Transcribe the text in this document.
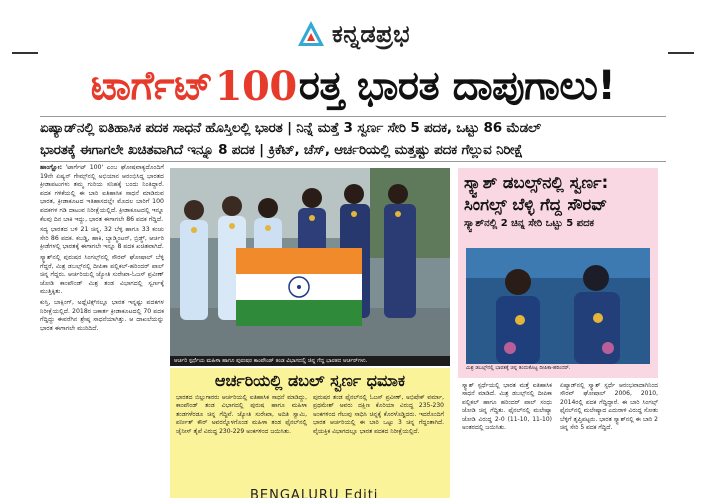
ಕನ್ನಡಪ್ರಭ
ಟಾರ್ಗೆಟ್ 100 ರತ್ತ ಭಾರತ ದಾಪುಗಾಲು!
ಏಷ್ಯಾಡ್‌ನಲ್ಲಿ ಐತಿಹಾಸಿಕ ಪದಕ ಸಾಧನೆ ಹೊಸ್ತಿಲಲ್ಲಿ ಭಾರತ | ನಿನ್ನೆ ಮತ್ತೆ 3 ಸ್ವರ್ಣ ಸೇರಿ 5 ಪದಕ, ಒಟ್ಟು 86 ಮೆಡಲ್
ಭಾರತಕ್ಕೆ ಈಗಾಗಲೇ ಖಚಿತವಾಗಿದೆ ಇನ್ನೂ 8 ಪದಕ | ಕ್ರಿಕೆಟ್, ಚೆಸ್, ಆರ್ಚರಿಯಲ್ಲಿ ಮತ್ತಷ್ಟು ಪದಕ ಗೆಲ್ಲುವ ನಿರೀಕ್ಷೆ

ಹಾಂಗ್ಝೋ: 'ಟಾರ್ಗೆಟ್ 100' ಎಂಬ ಘೋಷವಾಕ್ಯದೊಂದಿಗೆ 19ನೇ ಏಷ್ಯನ್ ಗೇಮ್ಸ್‌ನಲ್ಲಿ ಅಭಿಯಾನ ಆರಂಭಿಸಿದ್ದ ಭಾರತದ ಕ್ರೀಡಾಪಟುಗಳು ತಮ್ಮ ಗುರಿಯ ಸನಿಹಕ್ಕೆ ಬಂದು ನಿಂತಿದ್ದಾರೆ. ಪದಕ ಗಳಿಕೆಯಲ್ಲಿ ಈ ಬಾರಿ ಐತಿಹಾಸಿಕ ಸಾಧನೆ ಮಾಡಿರುವ ಭಾರತ, ಕ್ರೀಡಾಕೂಟದ ಇತಿಹಾಸದಲ್ಲೇ ಮೊದಲ ಬಾರಿಗೆ 100 ಪದಕಗಳ ಗಡಿ ದಾಟುವ ನಿರೀಕ್ಷೆಯಲ್ಲಿದೆ. ಕ್ರೀಡಾಕೂಟದಲ್ಲಿ ಇನ್ನೂ ಕೆಲವು ದಿನ ಬಾಕಿ ಇದ್ದು, ಭಾರತ ಈಗಾಗಲೇ 86 ಪದಕ ಗೆದ್ದಿದೆ.

ಸದ್ಯ ಭಾರತದ ಬಳಿ 21 ಚಿನ್ನ, 32 ಬೆಳ್ಳಿ ಹಾಗೂ 33 ಕಂಚು ಸೇರಿ 86 ಪದಕ. ಕಬಡ್ಡಿ, ಹಾಕಿ, ಬ್ಯಾಡ್ಮಿಂಟನ್, ಬ್ರಿಡ್ಜ್, ಆರ್ಚರಿ ಕ್ರೀಡೆಗಳಲ್ಲಿ ಭಾರತಕ್ಕೆ ಈಗಾಗಲೇ ಇನ್ನೂ 8 ಪದಕ ಖಚಿತವಾಗಿದೆ.

ಸ್ಕ್ವಾಶ್‌ನಲ್ಲಿ ಪುರುಷರ ಸಿಂಗಲ್ಸ್‌ನಲ್ಲಿ ಸೌರವ್ ಘೋಷಾಲ್ ಬೆಳ್ಳಿ ಗೆದ್ದರೆ, ಮಿಶ್ರ ಡಬಲ್ಸ್‌ನಲ್ಲಿ ದೀಪಿಕಾ ಪಲ್ಲಿಕಲ್-ಹರಿಂದರ್ ಪಾಲ್ ಚಿನ್ನ ಗೆದ್ದರು. ಆರ್ಚರಿಯಲ್ಲಿ ಜ್ಯೋತಿ ಸುರೇಖಾ-ಓಜಸ್ ಪ್ರವೀಣ್ ಜೋಡಿ ಕಾಂಪೌಂಡ್ ಮಿಶ್ರ ತಂಡ ವಿಭಾಗದಲ್ಲಿ ಸ್ವರ್ಣಕ್ಕೆ ಮುತ್ತಿಕ್ಕಿತು.

ಕುಸ್ತಿ, ಬಾಕ್ಸಿಂಗ್, ಅಥ್ಲೆಟಿಕ್ಸ್‌ನಲ್ಲೂ ಭಾರತ ಇನ್ನಷ್ಟು ಪದಕಗಳ ನಿರೀಕ್ಷೆಯಲ್ಲಿದೆ. 2018ರ ಜಕಾರ್ತ ಕ್ರೀಡಾಕೂಟದಲ್ಲಿ 70 ಪದಕ ಗೆದ್ದಿದ್ದು ಈವರೆಗಿನ ಶ್ರೇಷ್ಠ ಸಾಧನೆಯಾಗಿತ್ತು. ಆ ದಾಖಲೆಯನ್ನು ಭಾರತ ಈಗಾಗಲೇ ಮುರಿದಿದೆ.

ಆರ್ಚರಿ ಸ್ಪರ್ಧೆಯ ಮಹಿಳಾ ಹಾಗೂ ಪುರುಷರ ಕಾಂಪೌಂಡ್ ತಂಡ ವಿಭಾಗದಲ್ಲಿ ಚಿನ್ನ ಗೆದ್ದ ಭಾರತದ ಆರ್ಚರ್‌ಗಳು.
ಆರ್ಚರಿಯಲ್ಲಿ ಡಬಲ್ ಸ್ವರ್ಣ ಧಮಾಕ

ಭಾರತದ ಬಿಲ್ಲುಗಾರರು ಆರ್ಚರಿಯಲ್ಲಿ ಐತಿಹಾಸಿಕ ಸಾಧನೆ ಮಾಡಿದ್ದು, ಕಾಂಪೌಂಡ್ ತಂಡ ವಿಭಾಗದಲ್ಲಿ ಪುರುಷ ಹಾಗೂ ಮಹಿಳಾ ತಂಡಗಳೆರಡೂ ಚಿನ್ನ ಗೆದ್ದಿವೆ. ಜ್ಯೋತಿ ಸುರೇಖಾ, ಅದಿತಿ ಸ್ವಾಮಿ, ಪರ್ನೀತ್ ಕೌರ್ ಅವರನ್ನೊಳಗೊಂಡ ಮಹಿಳಾ ತಂಡ ಫೈನಲ್‌ನಲ್ಲಿ ಚೈನೀಸ್ ತೈಪೆ ವಿರುದ್ಧ 230-229 ಅಂಕಗಳಿಂದ ಜಯಿಸಿತು.

ಪುರುಷರ ತಂಡ ಫೈನಲ್‌ನಲ್ಲಿ ಓಜಸ್ ಪ್ರವೀಣ್, ಅಭಿಷೇಕ್ ವರ್ಮಾ, ಪ್ರಥಮೇಶ್ ಅವರು ದಕ್ಷಿಣ ಕೊರಿಯಾ ವಿರುದ್ಧ 235-230 ಅಂಕಗಳಿಂದ ಗೆಲುವು ಸಾಧಿಸಿ ಚಿನ್ನಕ್ಕೆ ಕೊರಳೊಡ್ಡಿದರು. ಇದರೊಂದಿಗೆ ಭಾರತ ಆರ್ಚರಿಯಲ್ಲಿ ಈ ಬಾರಿ ಒಟ್ಟು 3 ಚಿನ್ನ ಗೆದ್ದಂತಾಗಿದೆ. ವೈಯಕ್ತಿಕ ವಿಭಾಗದಲ್ಲೂ ಭಾರತ ಪದಕದ ನಿರೀಕ್ಷೆಯಲ್ಲಿದೆ.

ಸ್ಕ್ವಾಶ್ ಡಬಲ್ಸ್‌ನಲ್ಲಿ ಸ್ವರ್ಣ:
ಸಿಂಗಲ್ಸ್ ಬೆಳ್ಳಿ ಗೆದ್ದ ಸೌರವ್
ಸ್ಕ್ವಾಶ್‌ನಲ್ಲಿ 2 ಚಿನ್ನ ಸೇರಿ ಒಟ್ಟು 5 ಪದಕ
ಮಿಶ್ರ ಡಬಲ್ಸ್‌ನಲ್ಲಿ ಭಾರತಕ್ಕೆ ಚಿನ್ನ ತಂದುಕೊಟ್ಟ ದೀಪಿಕಾ-ಹರಿಂದರ್.

ಸ್ಕ್ವಾಶ್ ಸ್ಪರ್ಧೆಯಲ್ಲಿ ಭಾರತ ಮತ್ತೆ ಐತಿಹಾಸಿಕ ಸಾಧನೆ ಮಾಡಿದೆ. ಮಿಶ್ರ ಡಬಲ್ಸ್‌ನಲ್ಲಿ ದೀಪಿಕಾ ಪಲ್ಲಿಕಲ್ ಹಾಗೂ ಹರಿಂದರ್ ಪಾಲ್ ಸಂಧು ಜೋಡಿ ಚಿನ್ನ ಗೆದ್ದಿತು. ಫೈನಲ್‌ನಲ್ಲಿ ಮಲೇಷ್ಯಾ ಜೋಡಿ ವಿರುದ್ಧ 2-0 (11-10, 11-10) ಅಂತರದಲ್ಲಿ ಜಯಿಸಿತು.

ಏಷ್ಯಾಡ್‌ನಲ್ಲಿ ಸ್ಕ್ವಾಶ್ ಸ್ಪರ್ಧೆ ಆರಂಭವಾದಾಗಿನಿಂದ ಸೌರವ್ ಘೋಷಾಲ್ 2006, 2010, 2014ರಲ್ಲಿ ಪದಕ ಗೆದ್ದಿದ್ದಾರೆ. ಈ ಬಾರಿ ಸಿಂಗಲ್ಸ್ ಫೈನಲ್‌ನಲ್ಲಿ ಮಲೇಷ್ಯಾದ ಎದುರಾಳಿ ವಿರುದ್ಧ ಸೋತು ಬೆಳ್ಳಿಗೆ ತೃಪ್ತಿಪಟ್ಟರು. ಭಾರತ ಸ್ಕ್ವಾಶ್‌ನಲ್ಲಿ ಈ ಬಾರಿ 2 ಚಿನ್ನ ಸೇರಿ 5 ಪದಕ ಗೆದ್ದಿದೆ.

BENGALURU Editi
